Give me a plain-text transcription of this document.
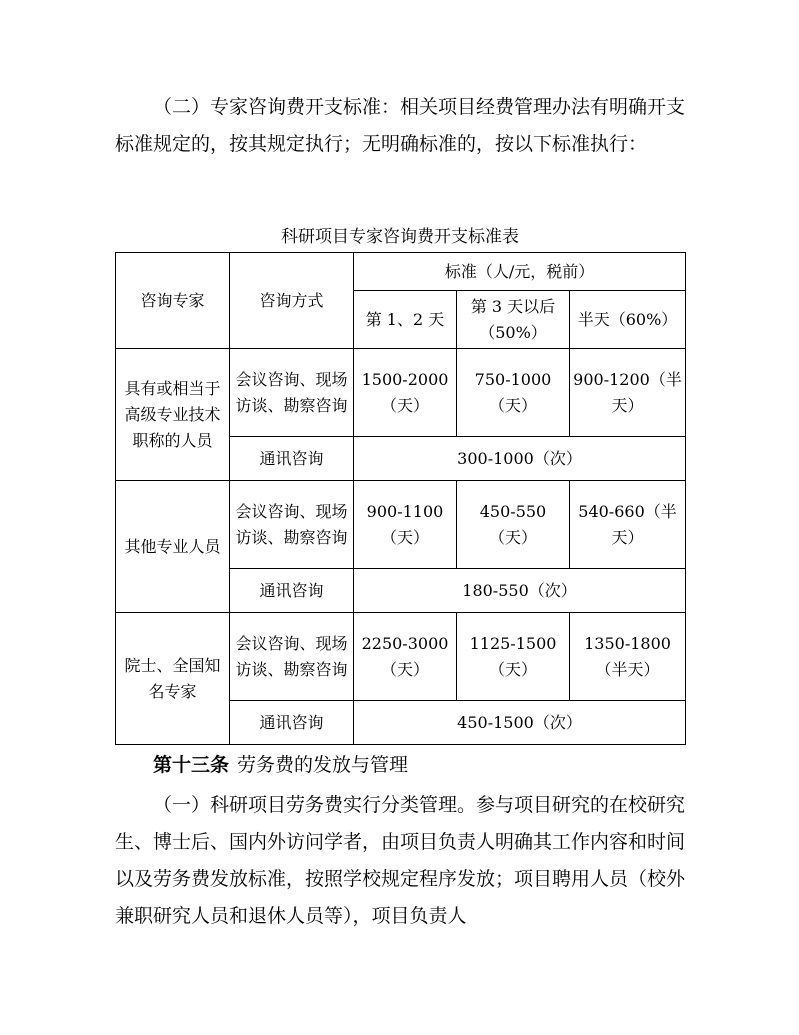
（二）专家咨询费开支标准：相关项目经费管理办法有明确开支标准规定的，按其规定执行；无明确标准的，按以下标准执行：

科研项目专家咨询费开支标准表
咨询专家	咨询方式	标准（人/元，税前）		
		第 1、2 天	第 3 天以后（50%）	半天（60%）
具有或相当于高级专业技术职称的人员	会议咨询、现场访谈、勘察咨询	1500-2000（天）	750-1000（天）	900-1200（半天）
	通讯咨询	300-1000（次）		
其他专业人员	会议咨询、现场访谈、勘察咨询	900-1100（天）	450-550（天）	540-660（半天）
	通讯咨询	180-550（次）		
院士、全国知名专家	会议咨询、现场访谈、勘察咨询	2250-3000（天）	1125-1500（天）	1350-1800（半天）
	通讯咨询	450-1500（次）		
第十三条 劳务费的发放与管理

（一）科研项目劳务费实行分类管理。参与项目研究的在校研究生、博士后、国内外访问学者，由项目负责人明确其工作内容和时间以及劳务费发放标准，按照学校规定程序发放；项目聘用人员（校外兼职研究人员和退休人员等），项目负责人
